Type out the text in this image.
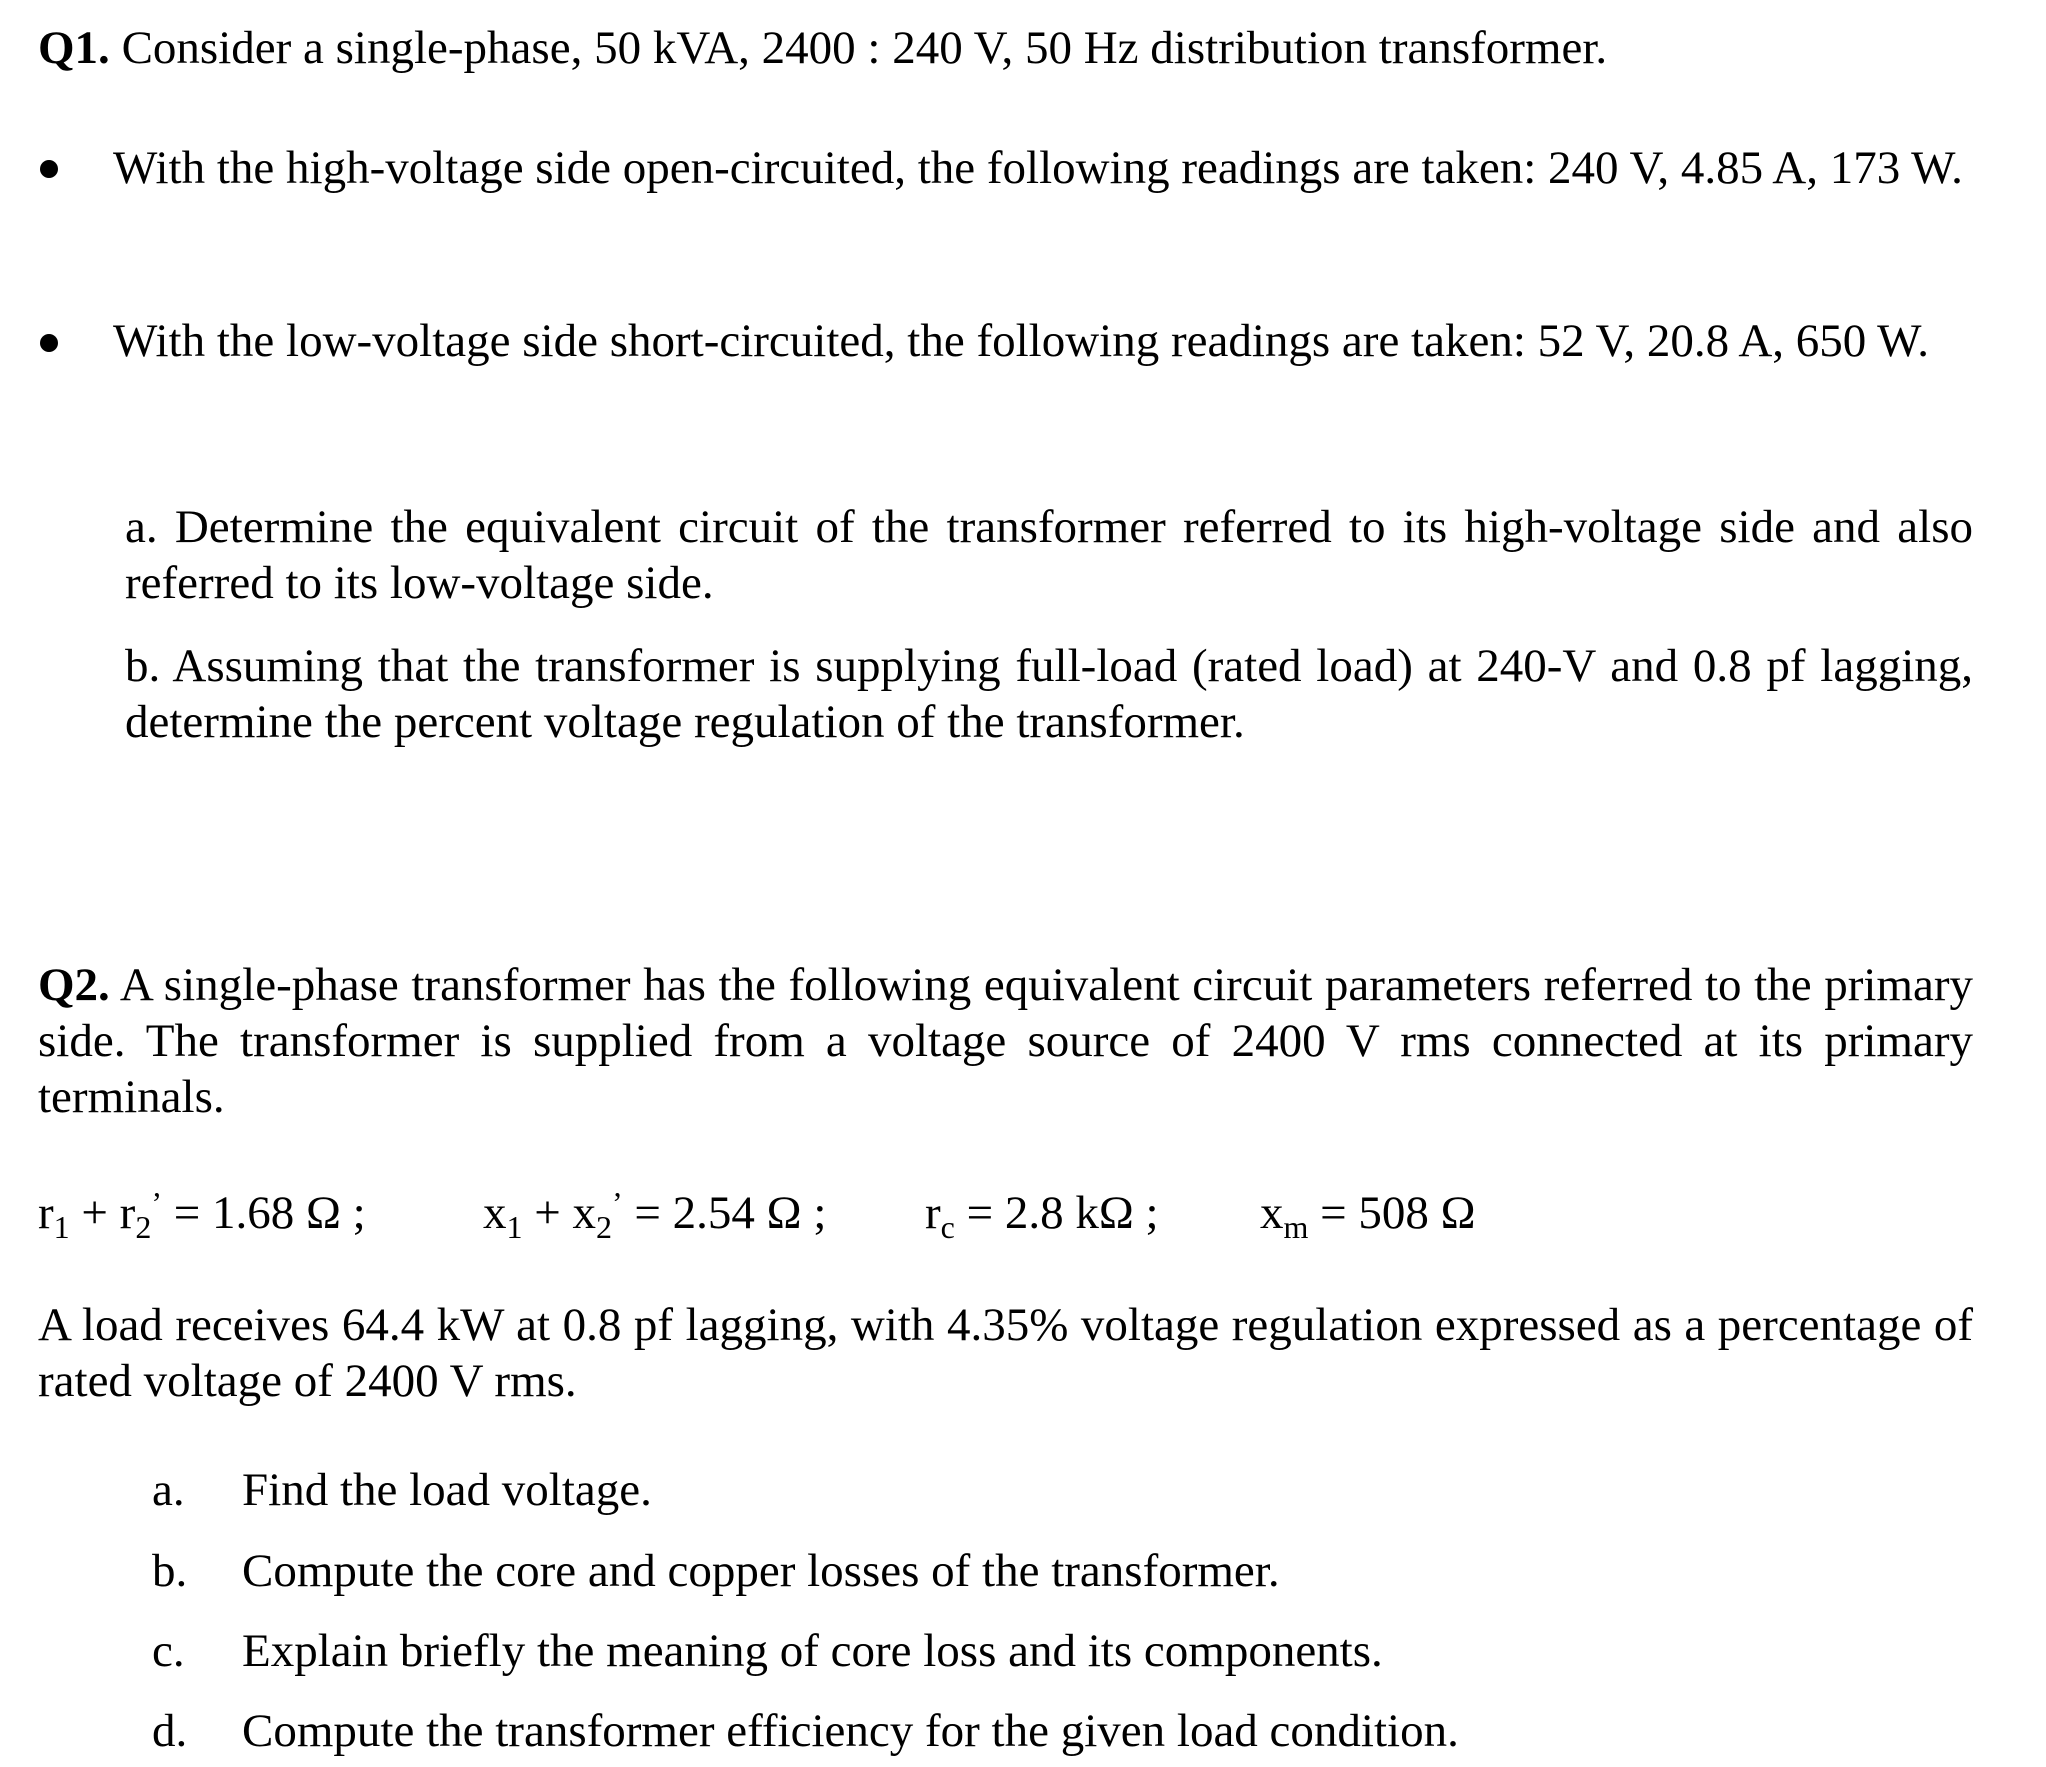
Q1. Consider a single-phase, 50 kVA, 2400 : 240 V, 50 Hz distribution transformer.
With the high-voltage side open-circuited, the following readings are taken: 240 V, 4.85 A, 173 W.
With the low-voltage side short-circuited, the following readings are taken: 52 V, 20.8 A, 650 W.
a. Determine the equivalent circuit of the transformer referred to its high-voltage side and also referred to its low-voltage side.
b. Assuming that the transformer is supplying full-load (rated load) at 240-V and 0.8 pf lagging, determine the percent voltage regulation of the transformer.
Q2. A single-phase transformer has the following equivalent circuit parameters referred to the primary side. The transformer is supplied from a voltage source of 2400 V rms connected at its primary terminals.
$r_1 + r_2^’ = 1.68$ Ω ; $x_1 + x_2^’ = 2.54$ Ω ; $r_c = 2.8$ kΩ ; $x_m = 508$ Ω
A load receives 64.4 kW at 0.8 pf lagging, with 4.35% voltage regulation expressed as a percentage of rated voltage of 2400 V rms.
a. Find the load voltage.
b. Compute the core and copper losses of the transformer.
c. Explain briefly the meaning of core loss and its components.
d. Compute the transformer efficiency for the given load condition.
